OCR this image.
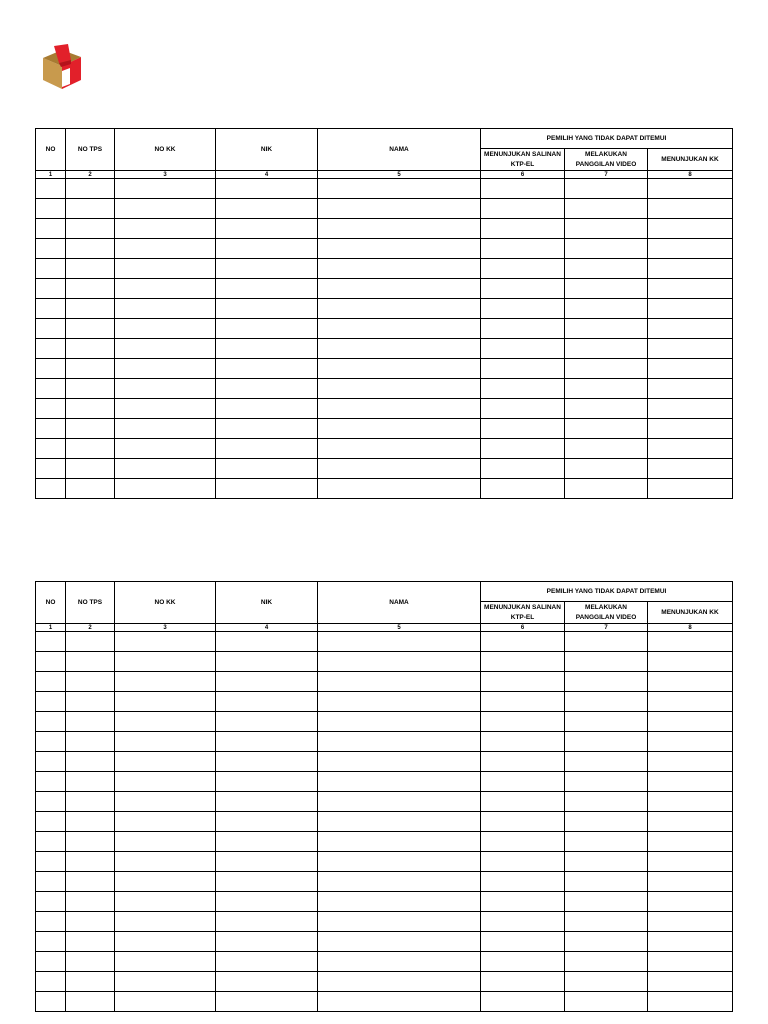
NO	NO TPS	NO KK	NIK	NAMA	PEMILIH YANG TIDAK DAPAT DITEMUI		
					MENUNJUKAN SALINAN KTP-EL	MELAKUKAN PANGGILAN VIDEO	MENUNJUKAN KK
1	2	3	4	5	6	7	8

NO	NO TPS	NO KK	NIK	NAMA	PEMILIH YANG TIDAK DAPAT DITEMUI		
					MENUNJUKAN SALINAN KTP-EL	MELAKUKAN PANGGILAN VIDEO	MENUNJUKAN KK
1	2	3	4	5	6	7	8
